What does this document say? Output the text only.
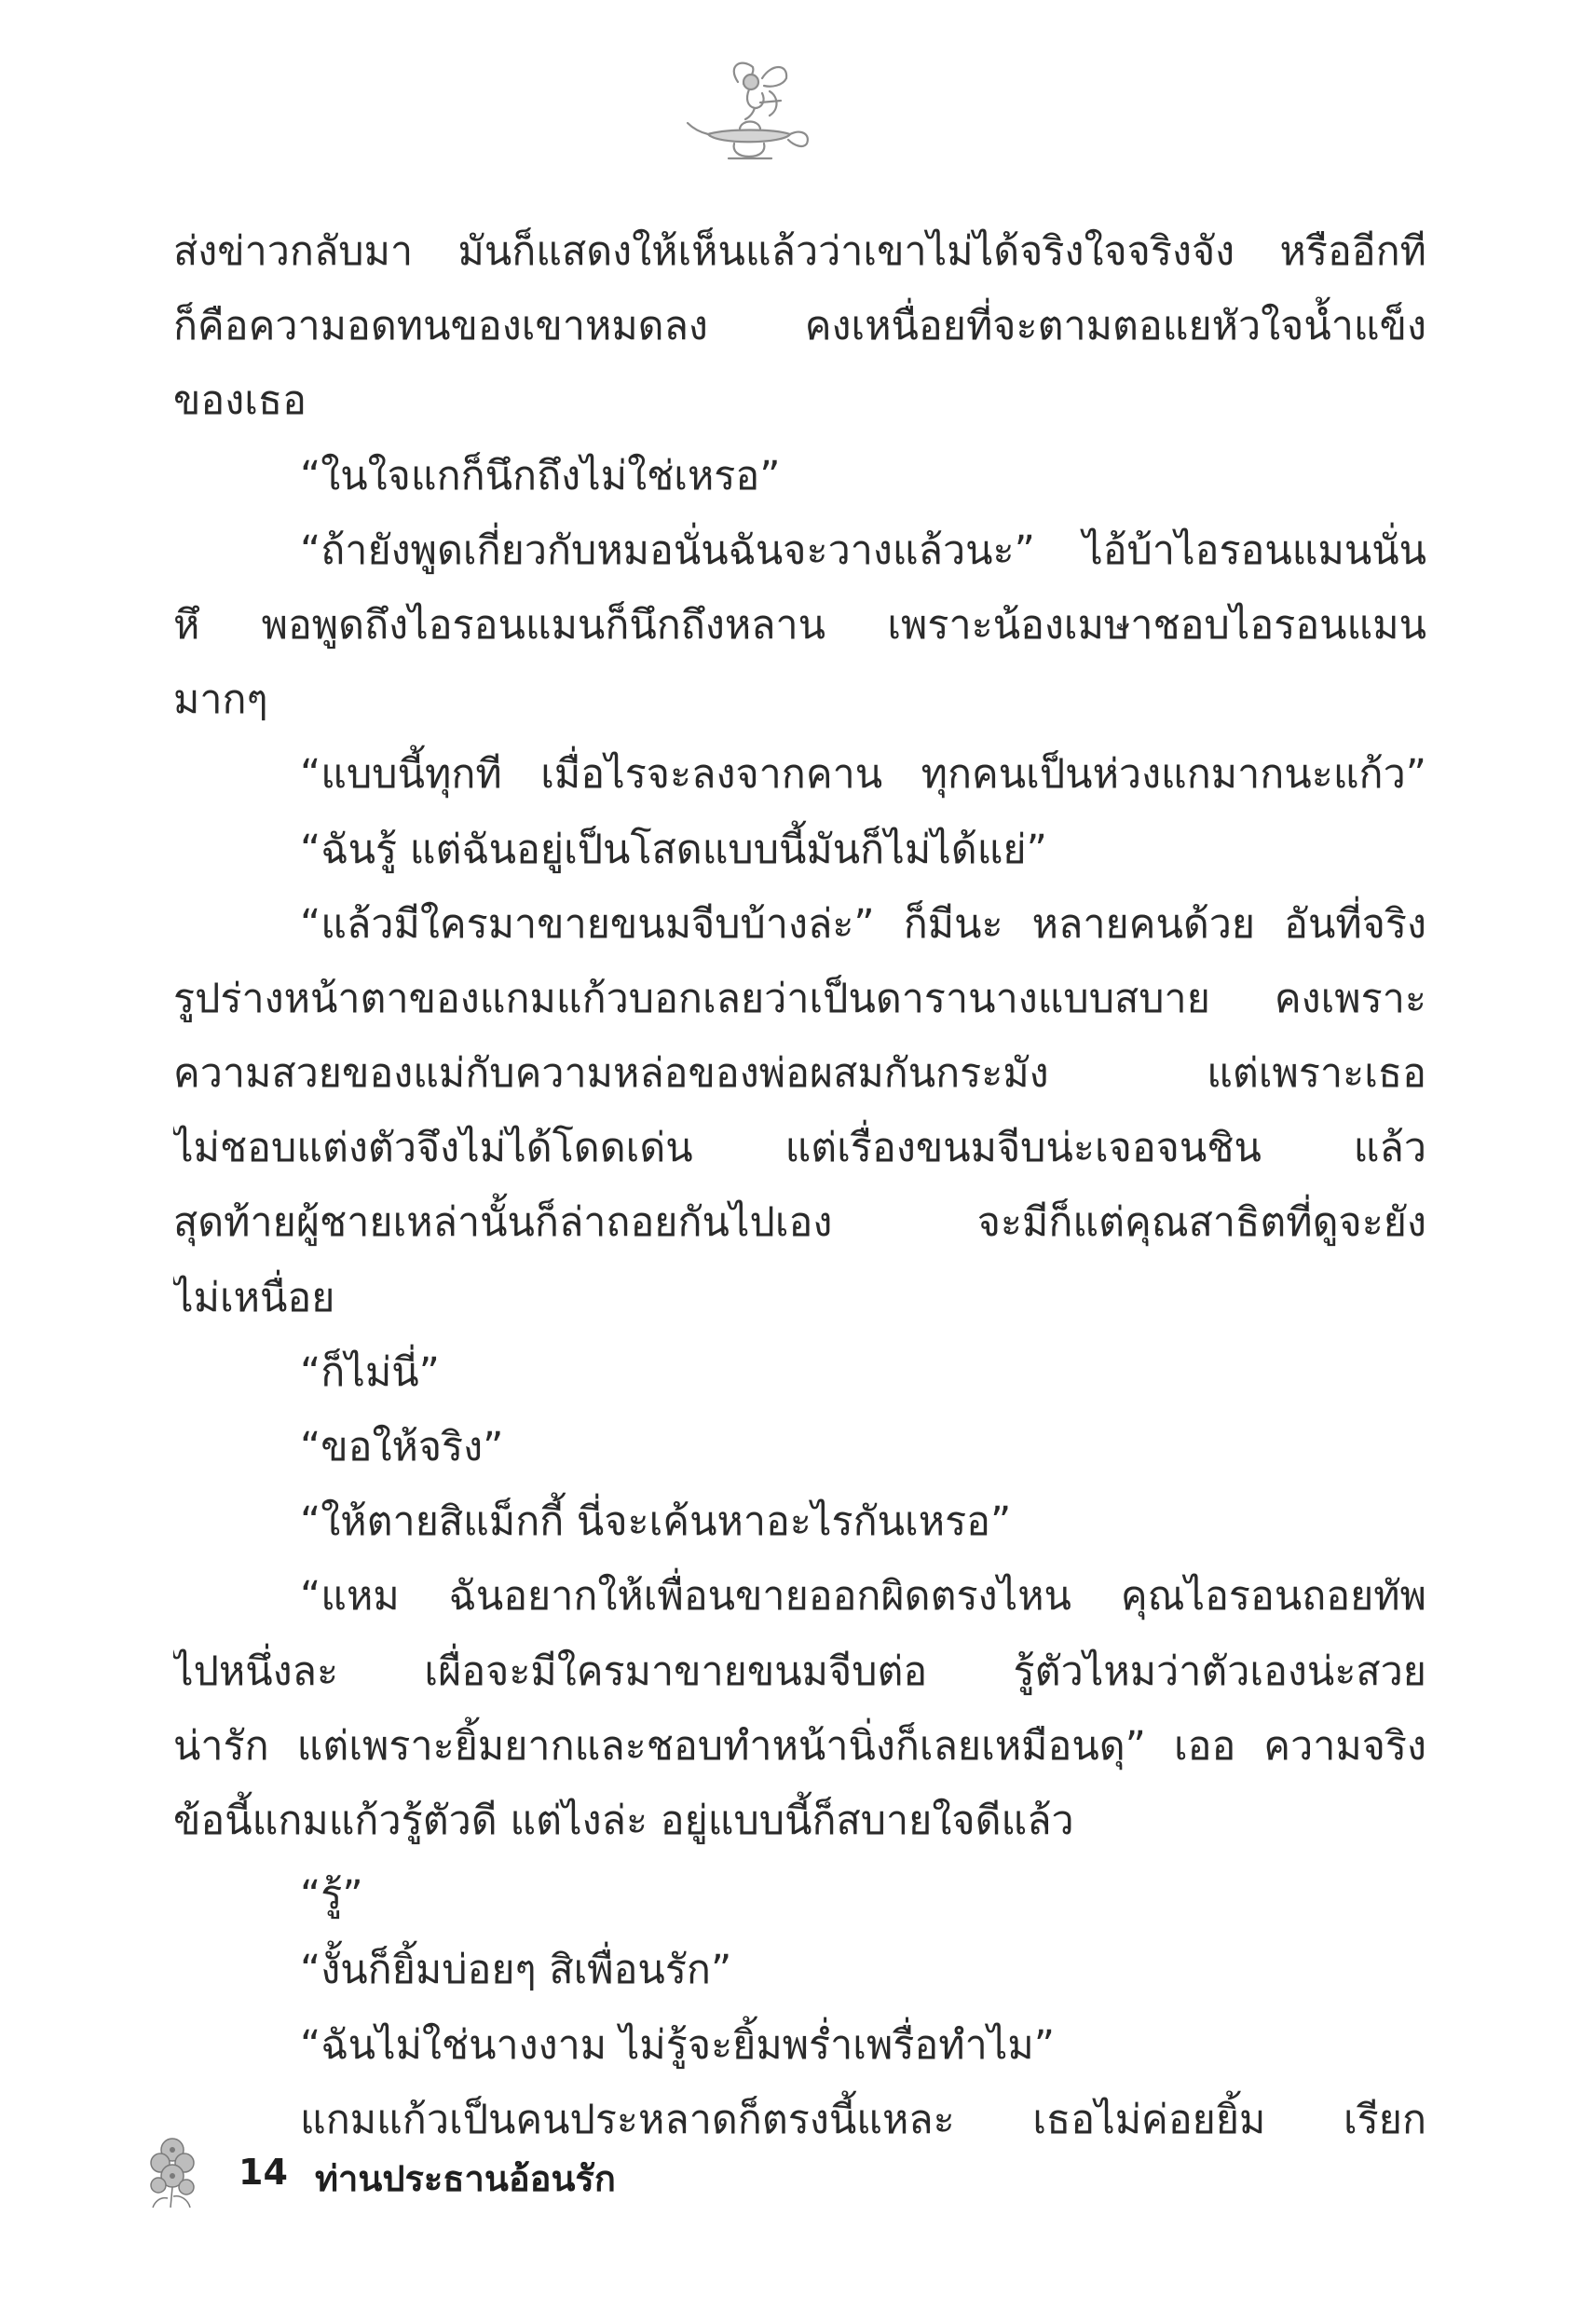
ส่งข่าวกลับมา มันก็แสดงให้เห็นแล้วว่าเขาไม่ได้จริงใจจริงจัง หรืออีกที
ก็คือความอดทนของเขาหมดลง คงเหนื่อยที่จะตามตอแยหัวใจน้ำแข็ง
ของเธอ
“ในใจแกก็นึกถึงไม่ใช่เหรอ”
“ถ้ายังพูดเกี่ยวกับหมอนั่นฉันจะวางแล้วนะ” ไอ้บ้าไอรอนแมนนั่น
หึ พอพูดถึงไอรอนแมนก็นึกถึงหลาน เพราะน้องเมษาชอบไอรอนแมน
มากๆ
“แบบนี้ทุกที เมื่อไรจะลงจากคาน ทุกคนเป็นห่วงแกมากนะแก้ว”
“ฉันรู้ แต่ฉันอยู่เป็นโสดแบบนี้มันก็ไม่ได้แย่”
“แล้วมีใครมาขายขนมจีบบ้างล่ะ” ก็มีนะ หลายคนด้วย อันที่จริง
รูปร่างหน้าตาของแกมแก้วบอกเลยว่าเป็นดารานางแบบสบาย คงเพราะ
ความสวยของแม่กับความหล่อของพ่อผสมกันกระมัง แต่เพราะเธอ
ไม่ชอบแต่งตัวจึงไม่ได้โดดเด่น แต่เรื่องขนมจีบน่ะเจอจนชิน แล้ว
สุดท้ายผู้ชายเหล่านั้นก็ล่าถอยกันไปเอง จะมีก็แต่คุณสาธิตที่ดูจะยัง
ไม่เหนื่อย
“ก็ไม่นี่”
“ขอให้จริง”
“ให้ตายสิแม็กกี้ นี่จะเค้นหาอะไรกันเหรอ”
“แหม ฉันอยากให้เพื่อนขายออกผิดตรงไหน คุณไอรอนถอยทัพ
ไปหนึ่งละ เผื่อจะมีใครมาขายขนมจีบต่อ รู้ตัวไหมว่าตัวเองน่ะสวย
น่ารัก แต่เพราะยิ้มยากและชอบทำหน้านิ่งก็เลยเหมือนดุ” เออ ความจริง
ข้อนี้แกมแก้วรู้ตัวดี แต่ไงล่ะ อยู่แบบนี้ก็สบายใจดีแล้ว
“รู้”
“งั้นก็ยิ้มบ่อยๆ สิเพื่อนรัก”
“ฉันไม่ใช่นางงาม ไม่รู้จะยิ้มพร่ำเพรื่อทำไม”
แกมแก้วเป็นคนประหลาดก็ตรงนี้แหละ เธอไม่ค่อยยิ้ม เรียก
14 ท่านประธานอ้อนรัก
